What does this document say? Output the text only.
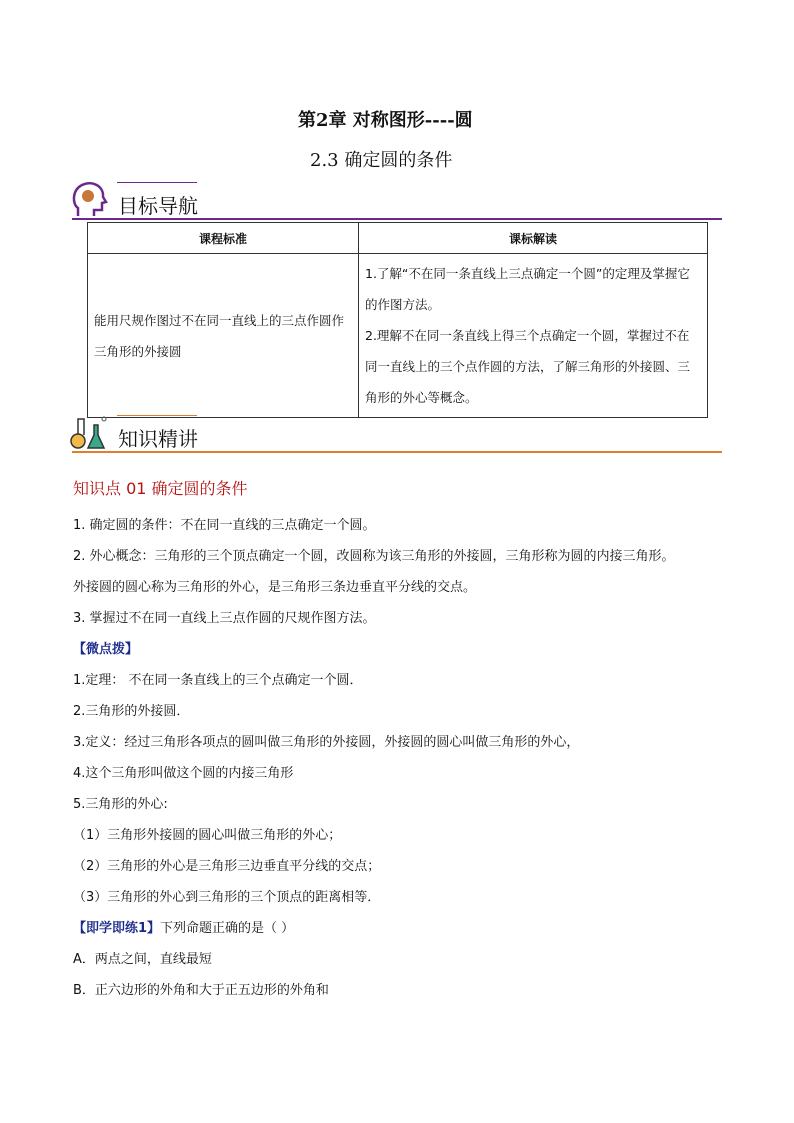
第2章 对称图形----圆
2.3 确定圆的条件
目标导航
课程标准	课标解读
能用尺规作图过不在同一直线上的三点作圆作三角形的外接圆	1.了解“不在同一条直线上三点确定一个圆”的定理及掌握它的作图方法。

2.理解不在同一条直线上得三个点确定一个圆，掌握过不在同一直线上的三个点作圆的方法，了解三角形的外接圆、三角形的外心等概念。

知识精讲
知识点 01 确定圆的条件
1. 确定圆的条件：不在同一直线的三点确定一个圆。
2. 外心概念：三角形的三个顶点确定一个圆，改圆称为该三角形的外接圆，三角形称为圆的内接三角形。
外接圆的圆心称为三角形的外心，是三角形三条边垂直平分线的交点。
3. 掌握过不在同一直线上三点作圆的尺规作图方法。
【微点拨】
1.定理： 不在同一条直线上的三个点确定一个圆．
2.三角形的外接圆．
3.定义：经过三角形各项点的圆叫做三角形的外接圆，外接圆的圆心叫做三角形的外心，
4.这个三角形叫做这个圆的内接三角形
5.三角形的外心:
（1）三角形外接圆的圆心叫做三角形的外心；
（2）三角形的外心是三角形三边垂直平分线的交点；
（3）三角形的外心到三角形的三个顶点的距离相等．
【即学即练1】下列命题正确的是（ ）
A．两点之间，直线最短
B．正六边形的外角和大于正五边形的外角和
